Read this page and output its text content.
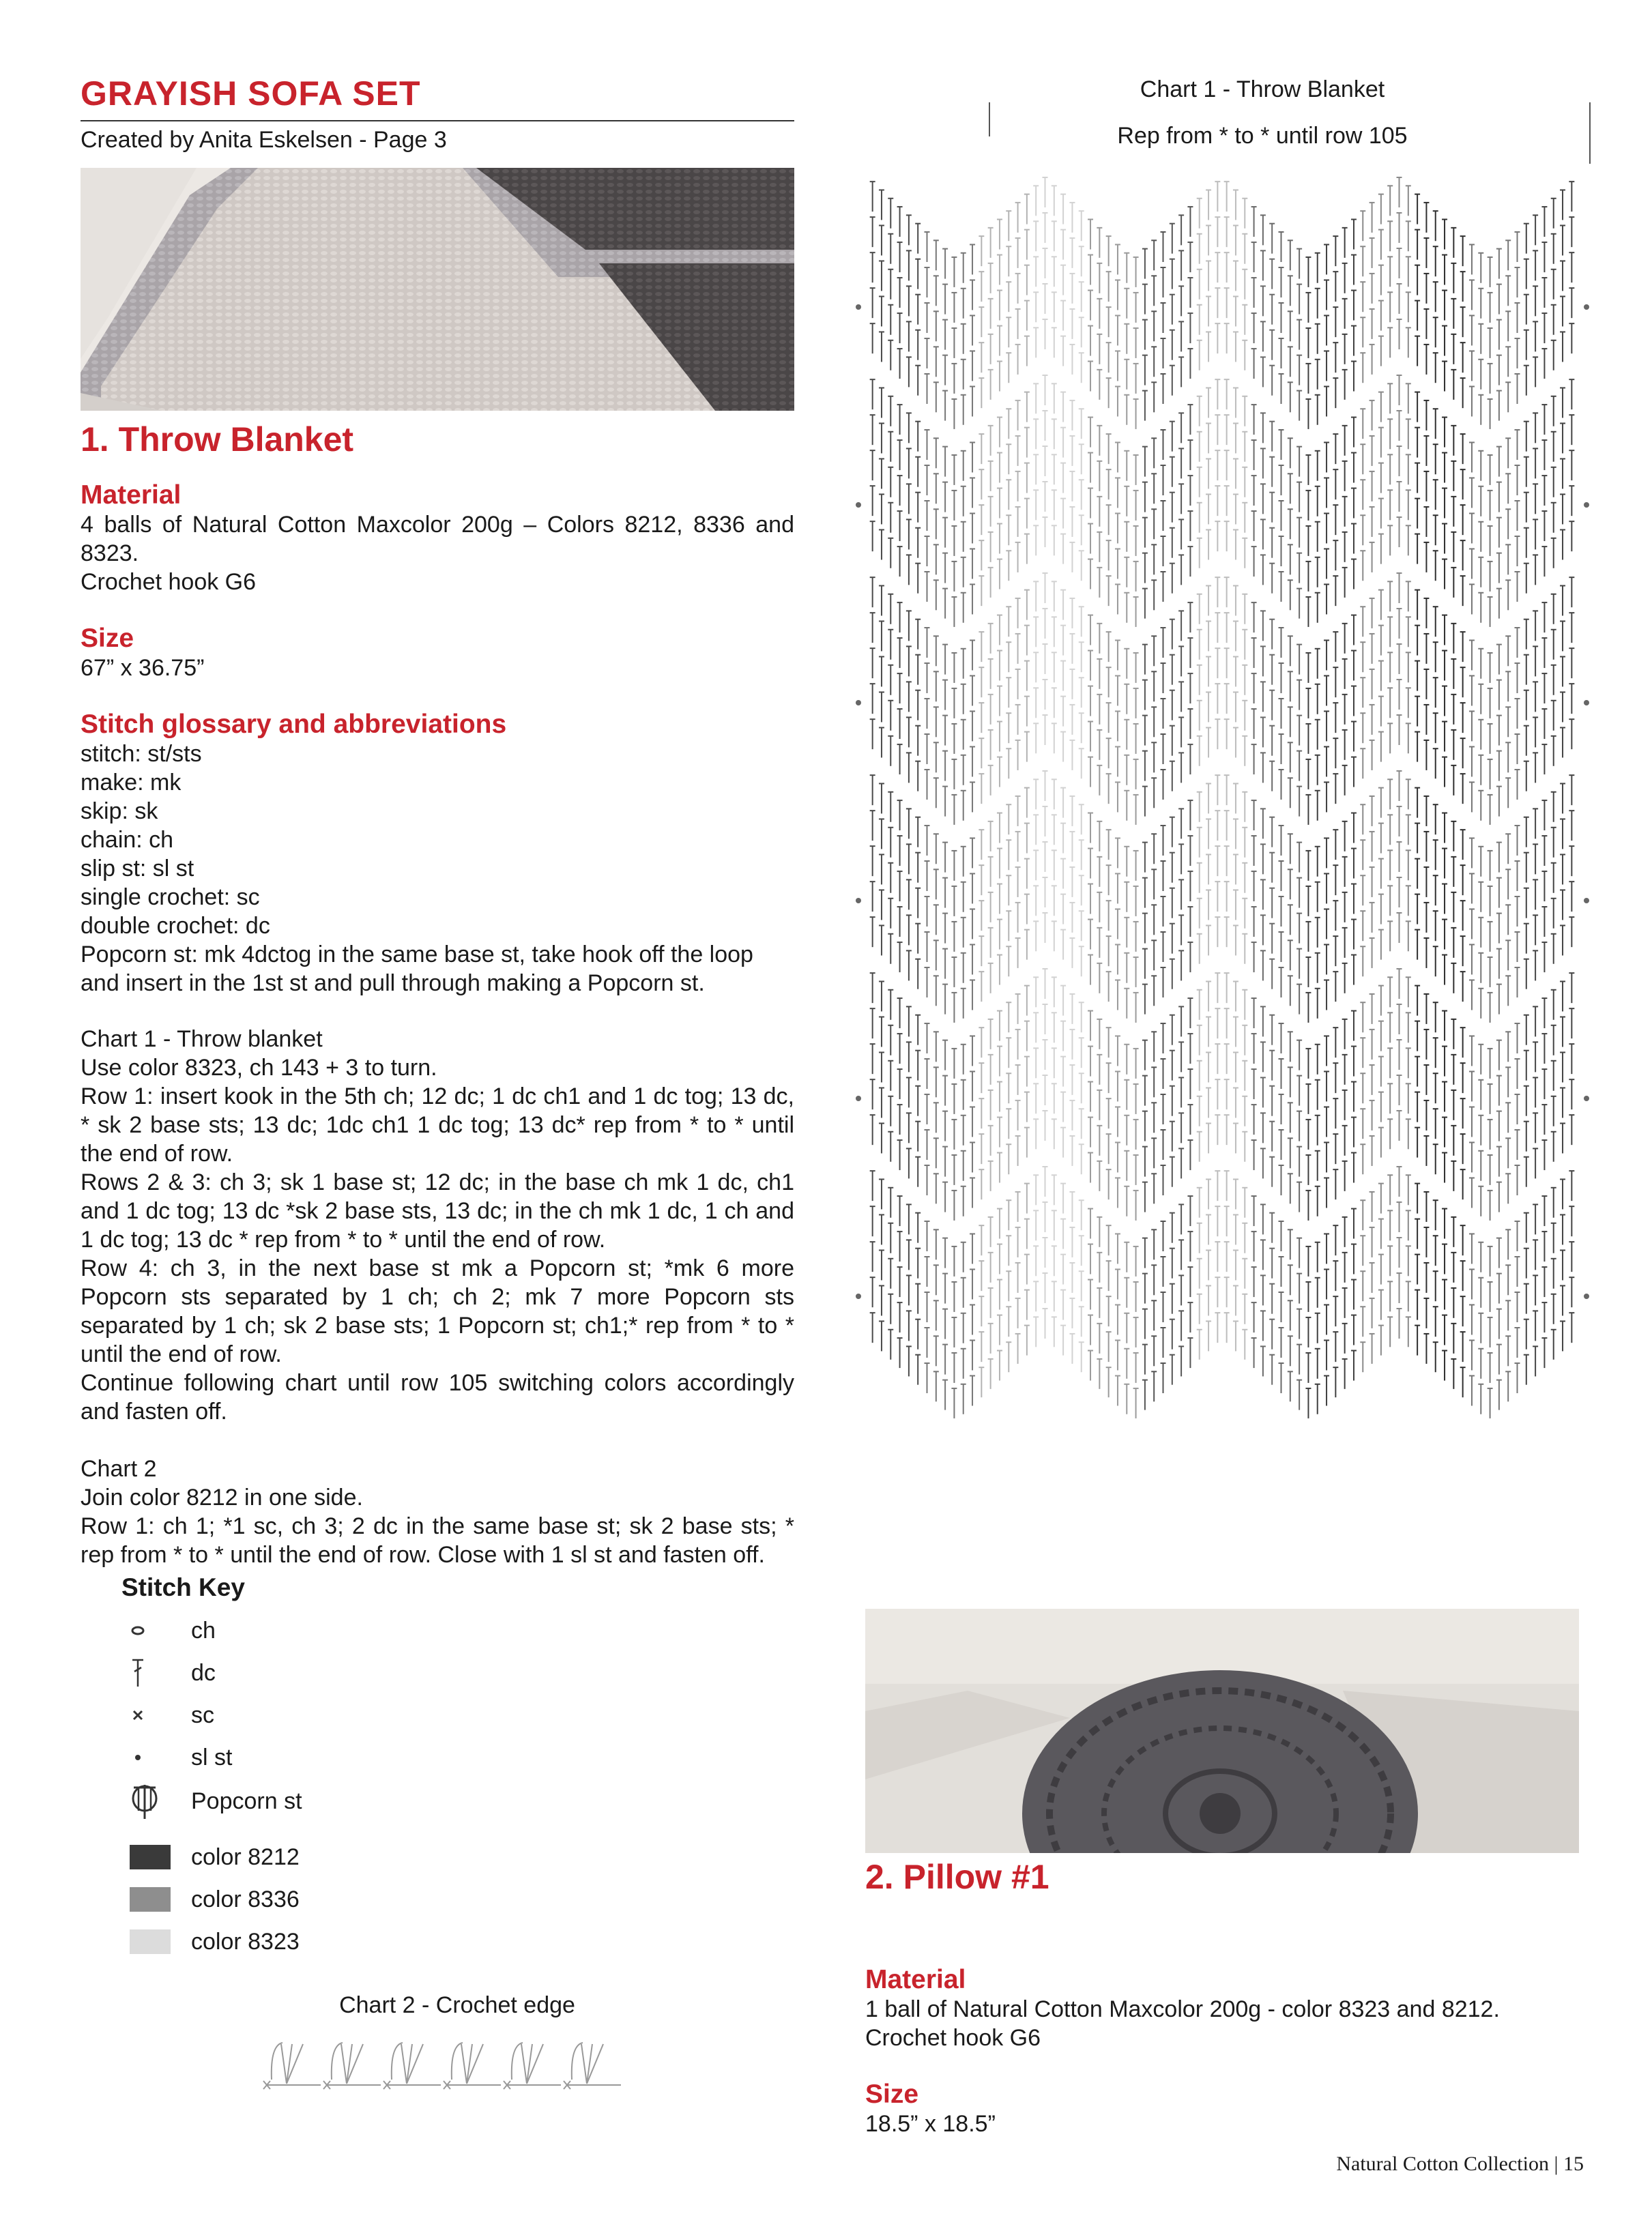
GRAYISH SOFA SET
Created by Anita Eskelsen - Page 3
1. Throw Blanket
Material
4 balls of Natural Cotton Maxcolor 200g – Colors 8212, 8336 and 8323.
Crochet hook G6
Size
67” x 36.75”
Stitch glossary and abbreviations
stitch: st/sts
make: mk
skip: sk
chain: ch
slip st: sl st
single crochet: sc
double crochet: dc
Popcorn st: mk 4dctog in the same base st, take hook off the loop and insert in the 1st st and pull through making a Popcorn st.

Chart 1 - Throw blanket

Use color 8323, ch 143 + 3 to turn.

Row 1: insert kook in the 5th ch; 12 dc; 1 dc ch1 and 1 dc tog; 13 dc, * sk 2 base sts; 13 dc; 1dc ch1 1 dc tog; 13 dc* rep from * to * until the end of row.

Rows 2 & 3: ch 3; sk 1 base st; 12 dc; in the base ch mk 1 dc, ch1 and 1 dc tog; 13 dc *sk 2 base sts, 13 dc; in the ch mk 1 dc, 1 ch and 1 dc tog; 13 dc * rep from * to * until the end of row.

Row 4: ch 3, in the next base st mk a Popcorn st; *mk 6 more Popcorn sts separated by 1 ch; ch 2; mk 7 more Popcorn sts separated by 1 ch; sk 2 base sts; 1 Popcorn st; ch1;* rep from * to * until the end of row.

Continue following chart until row 105 switching colors accordingly and fasten off.

Chart 2

Join color 8212 in one side.

Row 1: ch 1; *1 sc, ch 3; 2 dc in the same base st; sk 2 base sts; * rep from * to * until the end of row. Close with 1 sl st and fasten off.

Stitch Key
ch
dc
sc
sl st
Popcorn st
color 8212
color 8336
color 8323
Chart 2 - Crochet edge
Chart 1 - Throw Blanket
Rep from * to * until row 105
2. Pillow #1
Material
1 ball of Natural Cotton Maxcolor 200g - color 8323 and 8212.
Crochet hook G6
Size
18.5” x 18.5”
Natural Cotton Collection | 15
